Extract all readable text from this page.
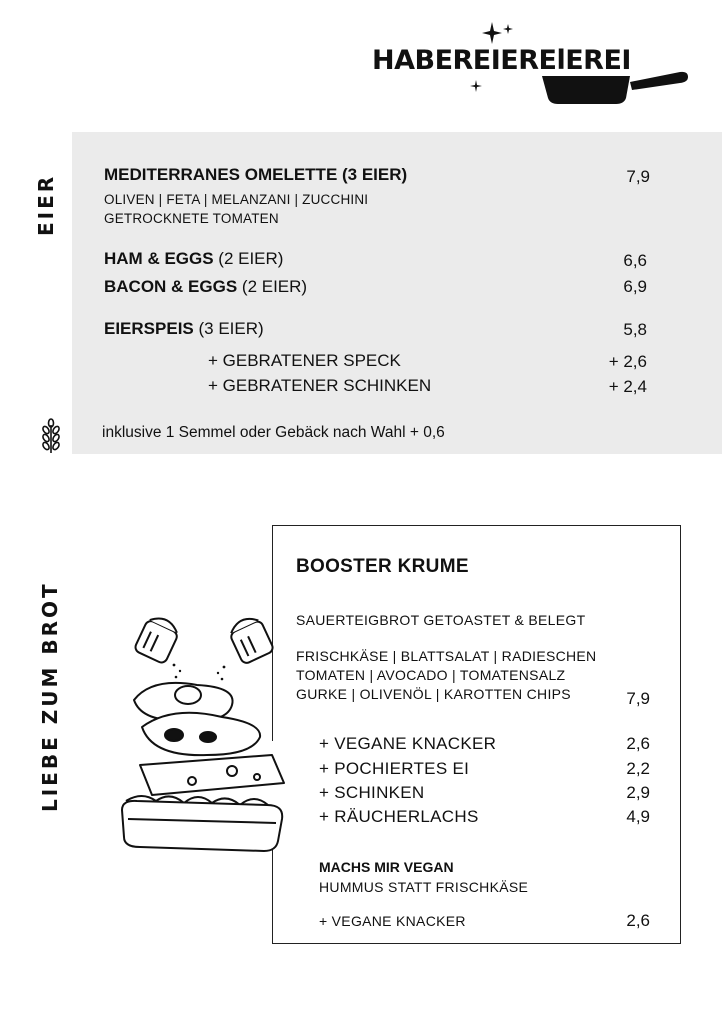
HABEREIERElEREI
EIER	MEDITERRANES OMELETTE (3 EIER)	7,9
OLIVEN | FETA | MELANZANI | ZUCCHINI
GETROCKNETE TOMATEN
HAM & EGGS (2 EIER)	6,6
BACON & EGGS (2 EIER)	6,9
EIERSPEIS (3 EIER)	5,8
+ GEBRATENER SPECK	+ 2,6
+ GEBRATENER SCHINKEN	+ 2,4
inklusive 1 Semmel oder Gebäck nach Wahl + 0,6
LIEBE ZUM BROT
BOOSTER KRUME
SAUERTEIGBROT GETOASTET & BELEGT
FRISCHKÄSE | BLATTSALAT | RADIESCHEN
TOMATEN | AVOCADO | TOMATENSALZ
GURKE | OLIVENÖL | KAROTTEN CHIPS	7,9
+ VEGANE KNACKER	2,6
+ POCHIERTES EI	2,2
+ SCHINKEN	2,9
+ RÄUCHERLACHS	4,9
MACHS MIR VEGAN
HUMMUS STATT FRISCHKÄSE
+ VEGANE KNACKER	2,6
